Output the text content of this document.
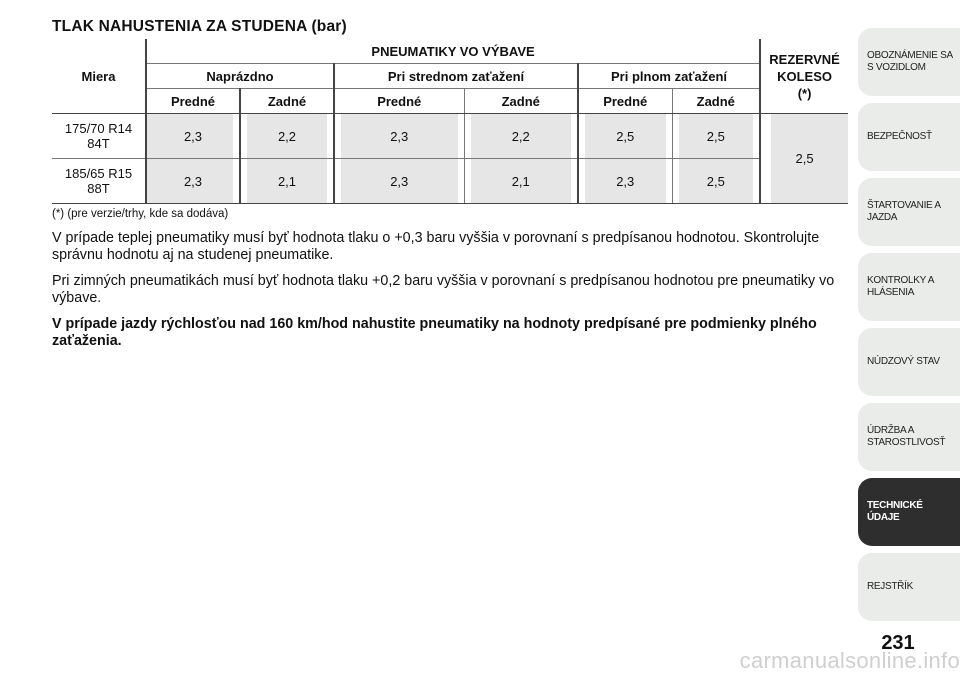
TLAK NAHUSTENIA ZA STUDENA (bar)
Miera	PNEUMATIKY VO VÝBAVE						REZERVNÉ
KOLESO
(*)

	Naprázdno		Pri strednom zaťažení		Pri plnom zaťažení		
	Predné	Zadné	Predné	Zadné	Predné	Zadné	

175/70 R14
84T	2,3	2,2	2,3	2,2	2,5	2,5	2,5

185/65 R15
88T	2,3	2,1	2,3	2,1	2,3	2,5	
(*) (pre verzie/trhy, kde sa dodáva)

V prípade teplej pneumatiky musí byť hodnota tlaku o +0,3 baru vyššia v porovnaní s predpísanou hodnotou. Skontrolujte správnu hodnotu aj na studenej pneumatike.

Pri zimných pneumatikách musí byť hodnota tlaku +0,2 baru vyššia v porovnaní s predpísanou hodnotou pre pneumatiky vo výbave.

V prípade jazdy rýchlosťou nad 160 km/hod nahustite pneumatiky na hodnoty predpísané pre podmienky plného zaťaženia.

OBOZNÁMENIE SA S VOZIDLOM
BEZPEČNOSŤ
ŠTARTOVANIE A JAZDA
KONTROLKY A HLÁSENIA
NÚDZOVÝ STAV
ÚDRŽBA A STAROSTLIVOSŤ
TECHNICKÉ ÚDAJE
REJSTŘÍK
231
carmanualsonline.info
